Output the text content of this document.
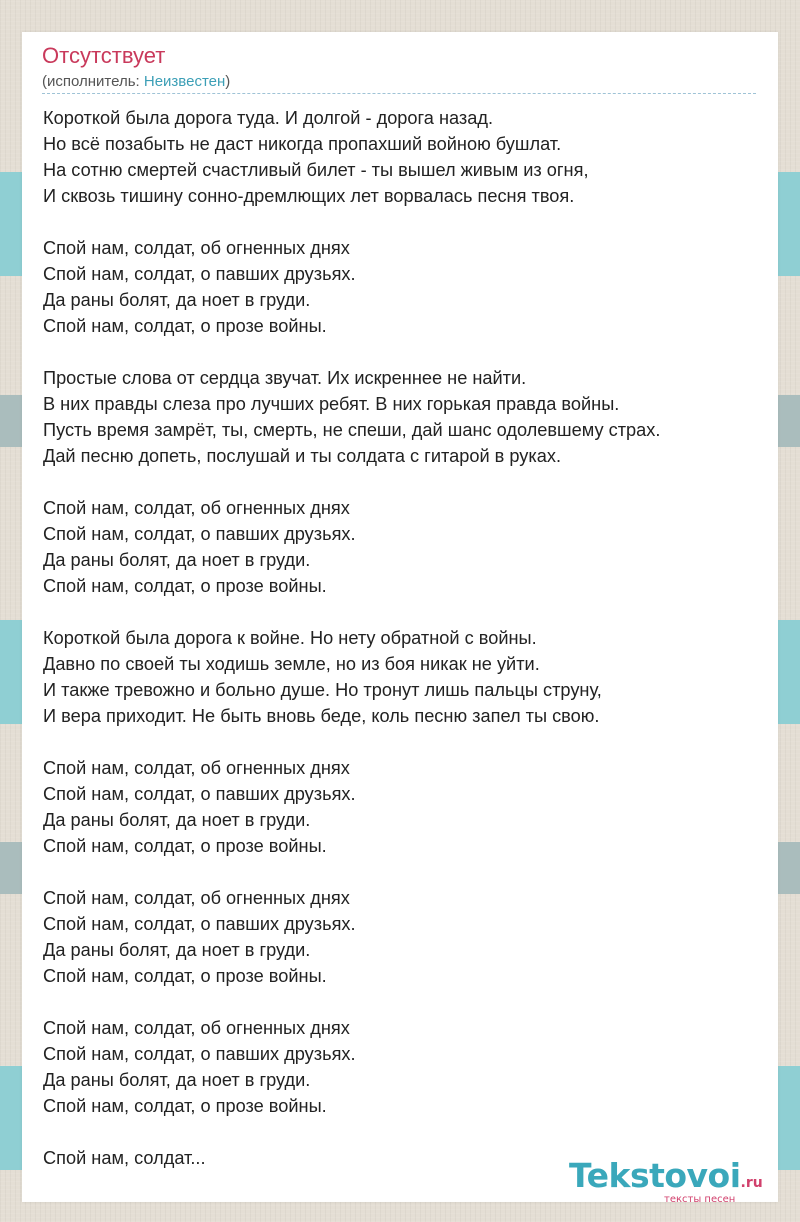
Отсутствует
(исполнитель: Неизвестен)
Короткой была дорога туда. И долгой - дорога назад.
Но всё позабыть не даст никогда пропахший войною бушлат.
На сотню смертей счастливый билет - ты вышел живым из огня,
И сквозь тишину сонно-дремлющих лет ворвалась песня твоя.
Спой нам, солдат, об огненных днях
Спой нам, солдат, о павших друзьях.
Да раны болят, да ноет в груди.
Спой нам, солдат, о прозе войны.
Простые слова от сердца звучат. Их искреннее не найти.
В них правды слеза про лучших ребят. В них горькая правда войны.
Пусть время замрёт, ты, смерть, не спеши, дай шанс одолевшему страх.
Дай песню допеть, послушай и ты солдата с гитарой в руках.
Спой нам, солдат, об огненных днях
Спой нам, солдат, о павших друзьях.
Да раны болят, да ноет в груди.
Спой нам, солдат, о прозе войны.
Короткой была дорога к войне. Но нету обратной с войны.
Давно по своей ты ходишь земле, но из боя никак не уйти.
И также тревожно и больно душе. Но тронут лишь пальцы струну,
И вера приходит. Не быть вновь беде, коль песню запел ты свою.
Спой нам, солдат, об огненных днях
Спой нам, солдат, о павших друзьях.
Да раны болят, да ноет в груди.
Спой нам, солдат, о прозе войны.
Спой нам, солдат, об огненных днях
Спой нам, солдат, о павших друзьях.
Да раны болят, да ноет в груди.
Спой нам, солдат, о прозе войны.
Спой нам, солдат, об огненных днях
Спой нам, солдат, о павших друзьях.
Да раны болят, да ноет в груди.
Спой нам, солдат, о прозе войны.
Спой нам, солдат...	Tekstovoi.ru
тексты песен
